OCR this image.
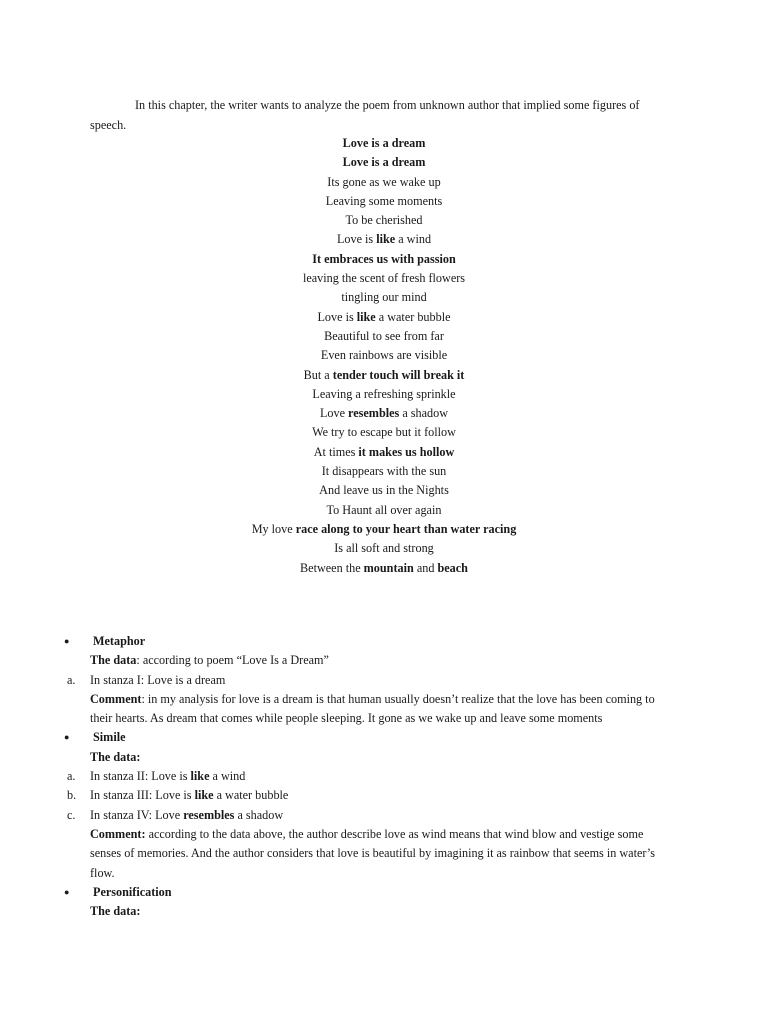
In this chapter, the writer wants to analyze the poem from unknown author that implied some figures of speech.
Love is a dream
Love is a dream
Its gone as we wake up
Leaving some moments
To be cherished
Love is like a wind
It embraces us with passion
leaving the scent of fresh flowers
tingling our mind
Love is like a water bubble
Beautiful to see from far
Even rainbows are visible
But a tender touch will break it
Leaving a refreshing sprinkle
Love resembles a shadow
We try to escape but it follow
At times it makes us hollow
It disappears with the sun
And leave us in the Nights
To Haunt all over again
My love race along to your heart than water racing
Is all soft and strong
Between the mountain and beach
● Metaphor
The data: according to poem “Love Is a Dream”
a. In stanza I: Love is a dream
Comment: in my analysis for love is a dream is that human usually doesn’t realize that the love has been coming to their hearts. As dream that comes while people sleeping. It gone as we wake up and leave some moments
● Simile
The data:
a. In stanza II: Love is like a wind
b. In stanza III: Love is like a water bubble
c. In stanza IV: Love resembles a shadow
Comment: according to the data above, the author describe love as wind means that wind blow and vestige some senses of memories. And the author considers that love is beautiful by imagining it as rainbow that seems in water’s flow.
● Personification
The data:
